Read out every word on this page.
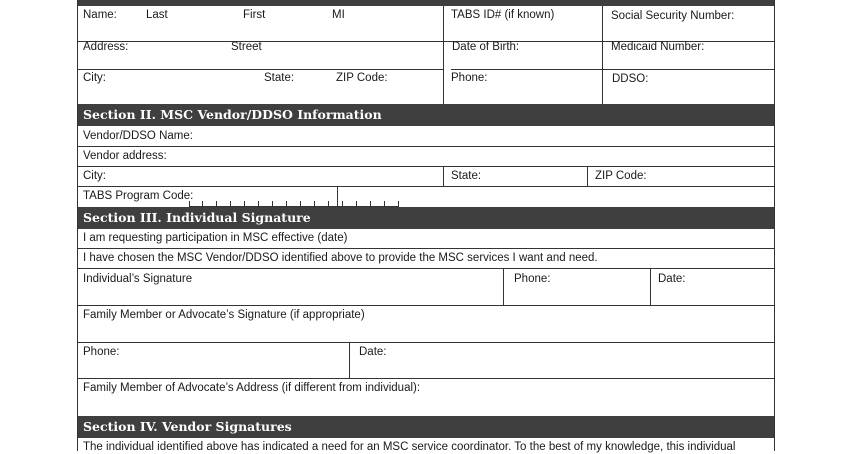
Name:	Last	First	MI	TABS ID# (if known)	Social Security Number:
Address:	Street	Date of Birth:	Medicaid Number:
City:	State:	ZIP Code:	Phone:	DDSO:
Section II. MSC Vendor/DDSO Information
Vendor/DDSO Name:
Vendor address:
City:	State:	ZIP Code:
TABS Program Code:
Section III. Individual Signature
I am requesting participation in MSC effective (date)
I have chosen the MSC Vendor/DDSO identified above to provide the MSC services I want and need.
Individual’s Signature	Phone:	Date:
Family Member or Advocate’s Signature (if appropriate)
Phone:	Date:
Family Member of Advocate’s Address (if different from individual):
Section IV. Vendor Signatures
The individual identified above has indicated a need for an MSC service coordinator. To the best of my knowledge, this individual
